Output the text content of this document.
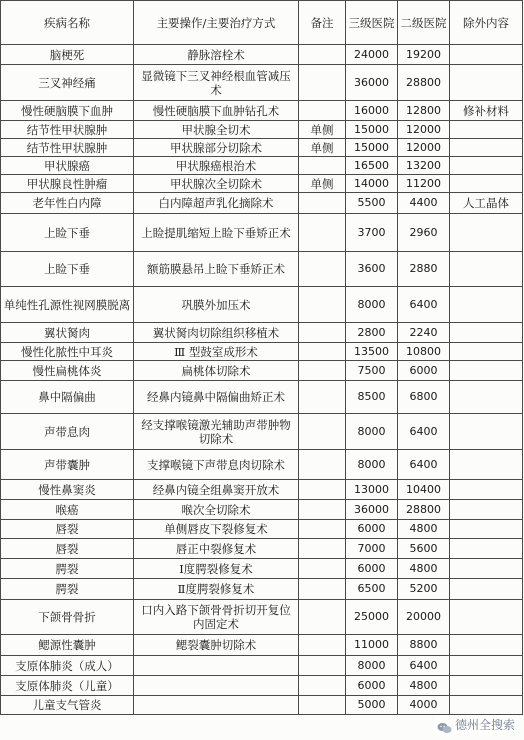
疾病名称	主要操作/主要治疗方式	备注	三级医院	二级医院	除外内容
脑梗死	静脉溶栓术		24000	19200	
三叉神经痛	显微镜下三叉神经根血管减压术		36000	28800	
慢性硬脑膜下血肿	慢性硬脑膜下血肿钻孔术		16000	12800	修补材料
结节性甲状腺肿	甲状腺全切术	单侧	15000	12000	
结节性甲状腺肿	甲状腺部分切除术	单侧	15000	12000	
甲状腺癌	甲状腺癌根治术		16500	13200	
甲状腺良性肿瘤	甲状腺次全切除术	单侧	14000	11200	
老年性白内障	白内障超声乳化摘除术		5500	4400	人工晶体
上睑下垂	上睑提肌缩短上睑下垂矫正术		3700	2960	
上睑下垂	额筋膜悬吊上睑下垂矫正术		3600	2880	
单纯性孔源性视网膜脱离	巩膜外加压术		8000	6400	
翼状胬肉	翼状胬肉切除组织移植术		2800	2240	
慢性化脓性中耳炎	Ⅲ 型鼓室成形术		13500	10800	
慢性扁桃体炎	扁桃体切除术		7500	6000	
鼻中隔偏曲	经鼻内镜鼻中隔偏曲矫正术		8500	6800	
声带息肉	经支撑喉镜激光辅助声带肿物切除术		8000	6400	
声带囊肿	支撑喉镜下声带息肉切除术		8000	6400	
慢性鼻窦炎	经鼻内镜全组鼻窦开放术		13000	10400	
喉癌	喉次全切除术		36000	28800	
唇裂	单侧唇皮下裂修复术		6000	4800	
唇裂	唇正中裂修复术		7000	5600	
腭裂	Ⅰ度腭裂修复术		6000	4800	
腭裂	Ⅱ度腭裂修复术		6500	5200	
下颌骨骨折	口内入路下颌骨骨折切开复位内固定术		25000	20000	
鳃源性囊肿	鳃裂囊肿切除术		11000	8800	
支原体肺炎（成人）			8000	6400	
支原体肺炎（儿童）			6000	4800	
儿童支气管炎			5000	4000	
德州全搜索
